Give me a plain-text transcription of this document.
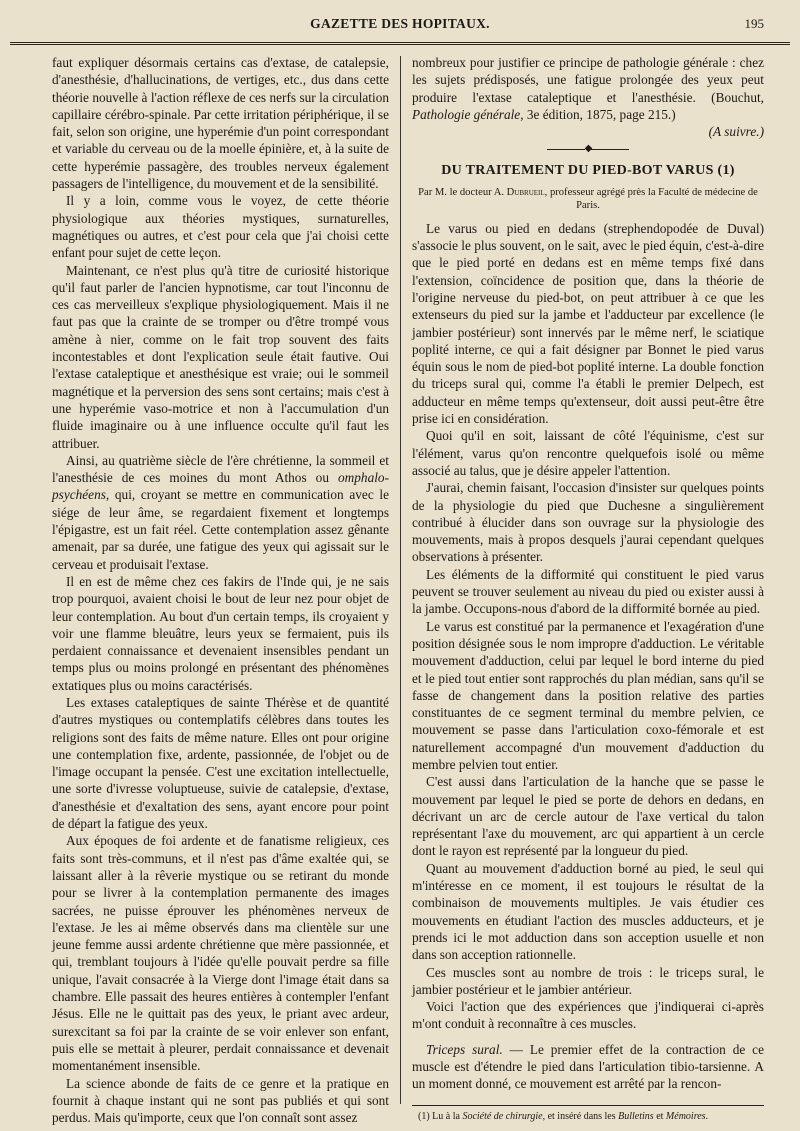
GAZETTE DES HOPITAUX.	195

faut expliquer désormais certains cas d'extase, de catalepsie, d'anesthésie, d'hallucinations, de vertiges, etc., dus dans cette théorie nouvelle à l'action réflexe de ces nerfs sur la circulation capillaire cérébro-spinale. Par cette irritation périphérique, il se fait, selon son origine, une hyperémie d'un point correspondant et variable du cerveau ou de la moelle épinière, et, à la suite de cette hyperémie passagère, des troubles nerveux également passagers de l'intelligence, du mouvement et de la sensibilité.

Il y a loin, comme vous le voyez, de cette théorie physiologique aux théories mystiques, surnaturelles, magnétiques ou autres, et c'est pour cela que j'ai choisi cette enfant pour sujet de cette leçon.

Maintenant, ce n'est plus qu'à titre de curiosité historique qu'il faut parler de l'ancien hypnotisme, car tout l'inconnu de ces cas merveilleux s'explique physiologiquement. Mais il ne faut pas que la crainte de se tromper ou d'être trompé vous amène à nier, comme on le fait trop souvent des faits incontestables et dont l'explication seule était fautive. Oui l'extase cataleptique et anesthésique est vraie; oui le sommeil magnétique et la perversion des sens sont certains; mais c'est à une hyperémie vaso-motrice et non à l'accumulation d'un fluide imaginaire ou à une influence occulte qu'il faut les attribuer.

Ainsi, au quatrième siècle de l'ère chrétienne, la sommeil et l'anesthésie de ces moines du mont Athos ou omphalo-psychéens, qui, croyant se mettre en communication avec le siége de leur âme, se regardaient fixement et longtemps l'épigastre, est un fait réel. Cette contemplation assez gênante amenait, par sa durée, une fatigue des yeux qui agissait sur le cerveau et produisait l'extase.

Il en est de même chez ces fakirs de l'Inde qui, je ne sais trop pourquoi, avaient choisi le bout de leur nez pour objet de leur contemplation. Au bout d'un certain temps, ils croyaient y voir une flamme bleuâtre, leurs yeux se fermaient, puis ils perdaient connaissance et devenaient insensibles pendant un temps plus ou moins prolongé en présentant des phénomènes extatiques plus ou moins caractérisés.

Les extases cataleptiques de sainte Thérèse et de quantité d'autres mystiques ou contemplatifs célèbres dans toutes les religions sont des faits de même nature. Elles ont pour origine une contemplation fixe, ardente, passionnée, de l'objet ou de l'image occupant la pensée. C'est une excitation intellectuelle, une sorte d'ivresse voluptueuse, suivie de catalepsie, d'extase, d'anesthésie et d'exaltation des sens, ayant encore pour point de départ la fatigue des yeux.

Aux époques de foi ardente et de fanatisme religieux, ces faits sont très-communs, et il n'est pas d'âme exaltée qui, se laissant aller à la rêverie mystique ou se retirant du monde pour se livrer à la contemplation permanente des images sacrées, ne puisse éprouver les phénomènes nerveux de l'extase. Je les ai même observés dans ma clientèle sur une jeune femme aussi ardente chrétienne que mère passionnée, et qui, tremblant toujours à l'idée qu'elle pouvait perdre sa fille unique, l'avait consacrée à la Vierge dont l'image était dans sa chambre. Elle passait des heures entières à contempler l'enfant Jésus. Elle ne le quittait pas des yeux, le priant avec ardeur, surexcitant sa foi par la crainte de se voir enlever son enfant, puis elle se mettait à pleurer, perdait connaissance et devenait momentanément insensible.

La science abonde de faits de ce genre et la pratique en fournit à chaque instant qui ne sont pas publiés et qui sont perdus. Mais qu'importe, ceux que l'on connaît sont assez

nombreux pour justifier ce principe de pathologie générale : chez les sujets prédisposés, une fatigue prolongée des yeux peut produire l'extase cataleptique et l'anesthésie. (Bouchut, Pathologie générale, 3e édition, 1875, page 215.)

(A suivre.)

◆
DU TRAITEMENT DU PIED-BOT VARUS (1)
Par M. le docteur A. Dubrueil, professeur agrégé près la Faculté de médecine de Paris.

Le varus ou pied en dedans (strephendopodée de Duval) s'associe le plus souvent, on le sait, avec le pied équin, c'est-à-dire que le pied porté en dedans est en même temps fixé dans l'extension, coïncidence de position que, dans la théorie de l'origine nerveuse du pied-bot, on peut attribuer à ce que les extenseurs du pied sur la jambe et l'adducteur par excellence (le jambier postérieur) sont innervés par le même nerf, le sciatique poplité interne, ce qui a fait désigner par Bonnet le pied varus équin sous le nom de pied-bot poplité interne. La double fonction du triceps sural qui, comme l'a établi le premier Delpech, est adducteur en même temps qu'extenseur, doit aussi peut-être être prise ici en considération.

Quoi qu'il en soit, laissant de côté l'équinisme, c'est sur l'élément, varus qu'on rencontre quelquefois isolé ou même associé au talus, que je désire appeler l'attention.

J'aurai, chemin faisant, l'occasion d'insister sur quelques points de la physiologie du pied que Duchesne a singulièrement contribué à élucider dans son ouvrage sur la physiologie des mouvements, mais à propos desquels j'aurai cependant quelques observations à présenter.

Les éléments de la difformité qui constituent le pied varus peuvent se trouver seulement au niveau du pied ou exister aussi à la jambe. Occupons-nous d'abord de la difformité bornée au pied.

Le varus est constitué par la permanence et l'exagération d'une position désignée sous le nom impropre d'adduction. Le véritable mouvement d'adduction, celui par lequel le bord interne du pied et le pied tout entier sont rapprochés du plan médian, sans qu'il se fasse de changement dans la position relative des parties constituantes de ce segment terminal du membre pelvien, ce mouvement se passe dans l'articulation coxo-fémorale et est naturellement accompagné d'un mouvement d'adduction du membre pelvien tout entier.

C'est aussi dans l'articulation de la hanche que se passe le mouvement par lequel le pied se porte de dehors en dedans, en décrivant un arc de cercle autour de l'axe vertical du talon représentant l'axe du mouvement, arc qui appartient à un cercle dont le rayon est représenté par la longueur du pied.

Quant au mouvement d'adduction borné au pied, le seul qui m'intéresse en ce moment, il est toujours le résultat de la combinaison de mouvements multiples. Je vais étudier ces mouvements en étudiant l'action des muscles adducteurs, et je prends ici le mot adduction dans son acception usuelle et non dans son acception rationnelle.

Ces muscles sont au nombre de trois : le triceps sural, le jambier postérieur et le jambier antérieur.

Voici l'action que des expériences que j'indiquerai ci-après m'ont conduit à reconnaître à ces muscles.

Triceps sural. — Le premier effet de la contraction de ce muscle est d'étendre le pied dans l'articulation tibio-tarsienne. A un moment donné, ce mouvement est arrêté par la rencon-

(1) Lu à la Société de chirurgie, et inséré dans les Bulletins et Mémoires.
